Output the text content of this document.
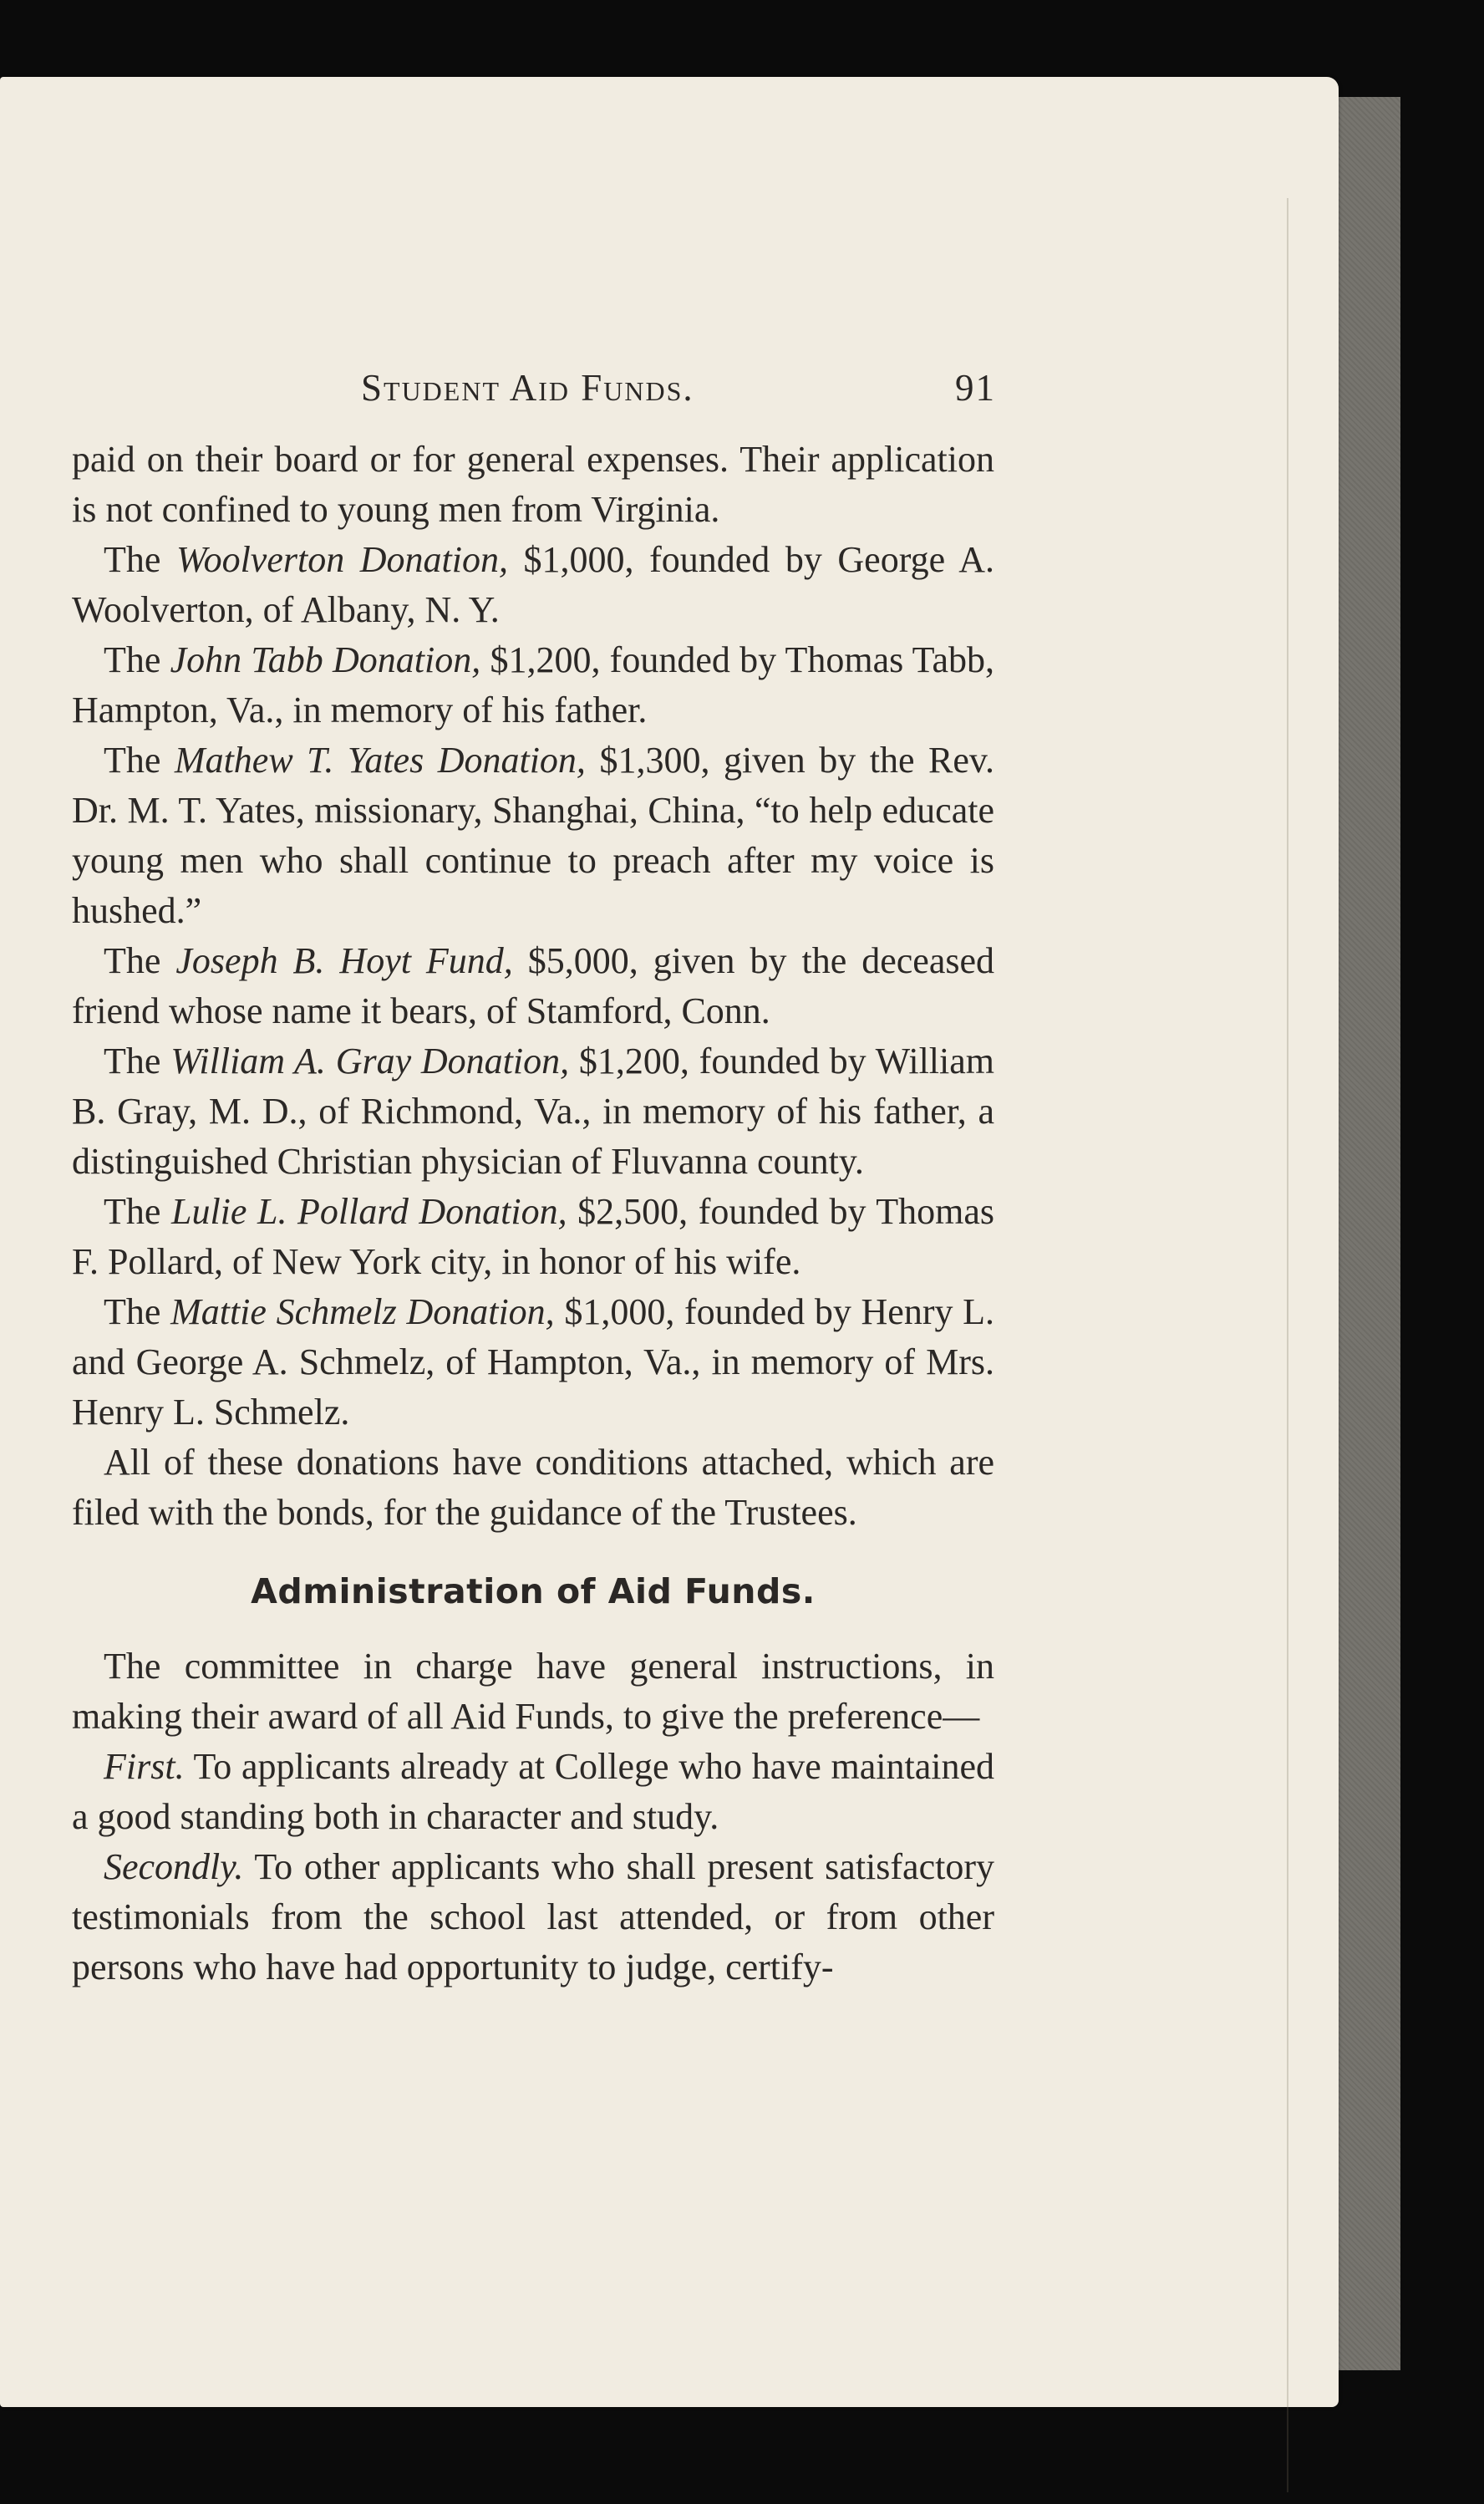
Student Aid Funds.	91

paid on their board or for general expenses. Their application is not confined to young men from Virginia.

The Woolverton Donation, $1,000, founded by George A. Woolverton, of Albany, N. Y.

The John Tabb Donation, $1,200, founded by Thomas Tabb, Hampton, Va., in memory of his father.

The Mathew T. Yates Donation, $1,300, given by the Rev. Dr. M. T. Yates, missionary, Shanghai, China, “to help educate young men who shall continue to preach after my voice is hushed.”

The Joseph B. Hoyt Fund, $5,000, given by the deceased friend whose name it bears, of Stamford, Conn.

The William A. Gray Donation, $1,200, founded by William B. Gray, M. D., of Richmond, Va., in memory of his father, a distinguished Christian physician of Fluvanna county.

The Lulie L. Pollard Donation, $2,500, founded by Thomas F. Pollard, of New York city, in honor of his wife.

The Mattie Schmelz Donation, $1,000, founded by Henry L. and George A. Schmelz, of Hampton, Va., in memory of Mrs. Henry L. Schmelz.

All of these donations have conditions attached, which are filed with the bonds, for the guidance of the Trustees.

Administration of Aid Funds.

The committee in charge have general instructions, in making their award of all Aid Funds, to give the preference—

First. To applicants already at College who have maintained a good standing both in character and study.

Secondly. To other applicants who shall present satisfactory testimonials from the school last attended, or from other persons who have had opportunity to judge, certify-
